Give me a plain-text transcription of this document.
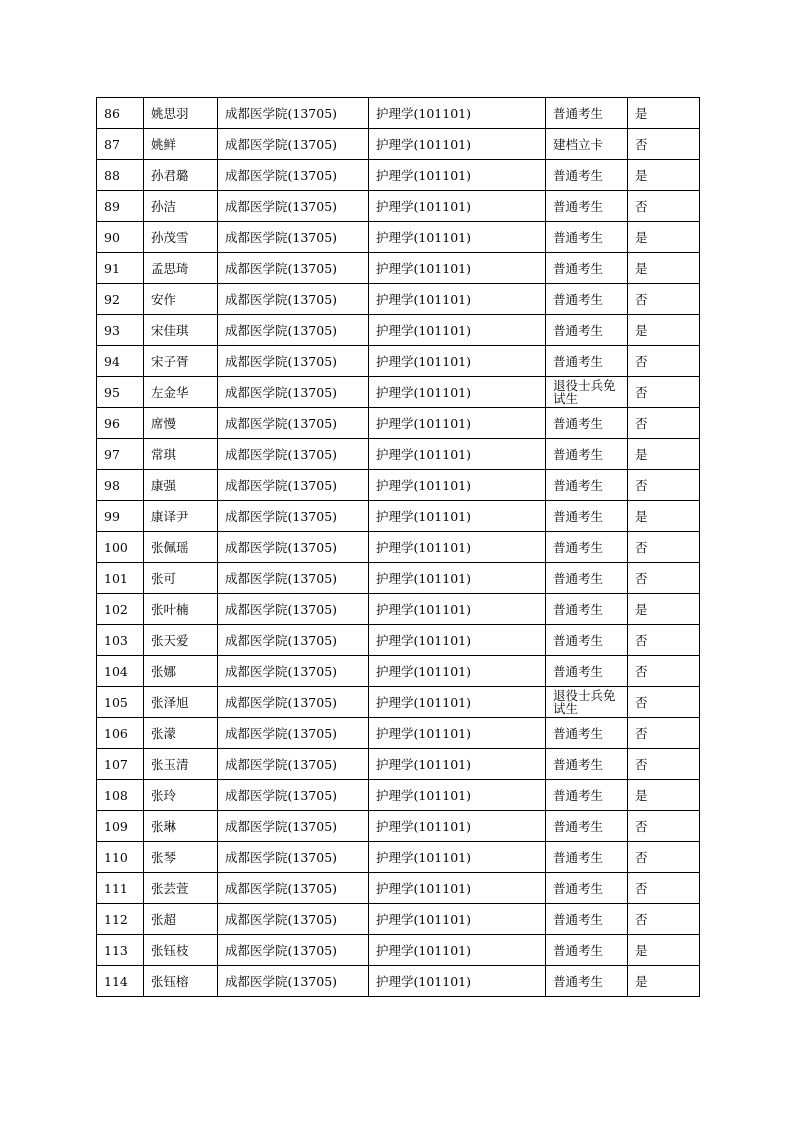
86	姚思羽	成都医学院(13705)	护理学(101101)	普通考生	是
87	姚鲜	成都医学院(13705)	护理学(101101)	建档立卡	否
88	孙君璐	成都医学院(13705)	护理学(101101)	普通考生	是
89	孙洁	成都医学院(13705)	护理学(101101)	普通考生	否
90	孙茂雪	成都医学院(13705)	护理学(101101)	普通考生	是
91	孟思琦	成都医学院(13705)	护理学(101101)	普通考生	是
92	安作	成都医学院(13705)	护理学(101101)	普通考生	否
93	宋佳琪	成都医学院(13705)	护理学(101101)	普通考生	是
94	宋子胥	成都医学院(13705)	护理学(101101)	普通考生	否
95	左金华	成都医学院(13705)	护理学(101101)	退役士兵免试生	否
96	席慢	成都医学院(13705)	护理学(101101)	普通考生	否
97	常琪	成都医学院(13705)	护理学(101101)	普通考生	是
98	康强	成都医学院(13705)	护理学(101101)	普通考生	否
99	康译尹	成都医学院(13705)	护理学(101101)	普通考生	是
100	张佩瑶	成都医学院(13705)	护理学(101101)	普通考生	否
101	张可	成都医学院(13705)	护理学(101101)	普通考生	否
102	张叶楠	成都医学院(13705)	护理学(101101)	普通考生	是
103	张天爱	成都医学院(13705)	护理学(101101)	普通考生	否
104	张娜	成都医学院(13705)	护理学(101101)	普通考生	否
105	张泽旭	成都医学院(13705)	护理学(101101)	退役士兵免试生	否
106	张濛	成都医学院(13705)	护理学(101101)	普通考生	否
107	张玉清	成都医学院(13705)	护理学(101101)	普通考生	否
108	张玲	成都医学院(13705)	护理学(101101)	普通考生	是
109	张琳	成都医学院(13705)	护理学(101101)	普通考生	否
110	张琴	成都医学院(13705)	护理学(101101)	普通考生	否
111	张芸萱	成都医学院(13705)	护理学(101101)	普通考生	否
112	张超	成都医学院(13705)	护理学(101101)	普通考生	否
113	张钰枝	成都医学院(13705)	护理学(101101)	普通考生	是
114	张钰榕	成都医学院(13705)	护理学(101101)	普通考生	是
